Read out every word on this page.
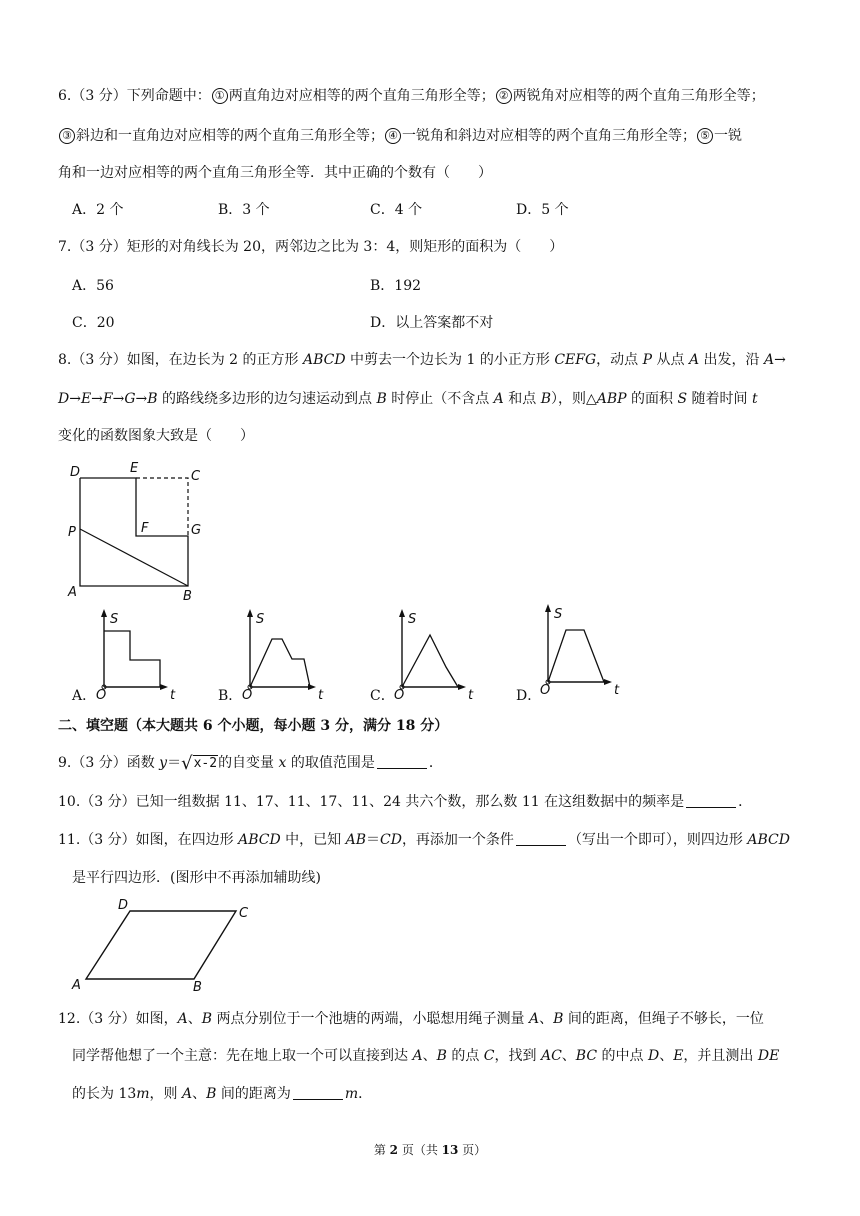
6.（3 分）下列命题中： ① 两直角边对应相等的两个直角三角形全等； ② 两锐角对应相等的两个直角三角形全等；
③ 斜边和一直角边对应相等的两个直角三角形全等； ④ 一锐角和斜边对应相等的两个直角三角形全等； ⑤ 一锐
角和一边对应相等的两个直角三角形全等．其中正确的个数有（　　）
A．2 个	B．3 个	C．4 个	D．5 个
7.（3 分）矩形的对角线长为 20，两邻边之比为 3：4，则矩形的面积为（　　）
A．56	B．192
C．20	D．以上答案都不对
8.（3 分）如图，在边长为 2 的正方形 ABCD 中剪去一个边长为 1 的小正方形 CEFG，动点 P 从点 A 出发，沿 A→
D→E→F→G→B 的路线绕多边形的边匀速运动到点 B 时停止（不含点 A 和点 B），则△ABP 的面积 S 随着时间 t
变化的函数图象大致是（　　）
D	E
C
F	G
P
A	B
A．
S
O	t	B．
S
O	t	C．
S
O	t	D．
S
O	t
二、填空题（本大题共 6 个小题，每小题 3 分，满分 18 分）
9.（3 分）函数 y＝√x-2的自变量 x 的取值范围是	．
10.（3 分）已知一组数据 11、17、11、17、11、24 共六个数，那么数 11 在这组数据中的频率是	．
11.（3 分）如图，在四边形 ABCD 中，已知 AB＝CD，再添加一个条件	（写出一个即可），则四边形 ABCD
是平行四边形．(图形中不再添加辅助线)
D
C
A	B
12.（3 分）如图，A、B 两点分别位于一个池塘的两端，小聪想用绳子测量 A、B 间的距离，但绳子不够长，一位
同学帮他想了一个主意：先在地上取一个可以直接到达 A、B 的点 C，找到 AC、BC 的中点 D、E，并且测出 DE
的长为 13m，则 A、B 间的距离为	m．
第 2 页（共 13 页）
